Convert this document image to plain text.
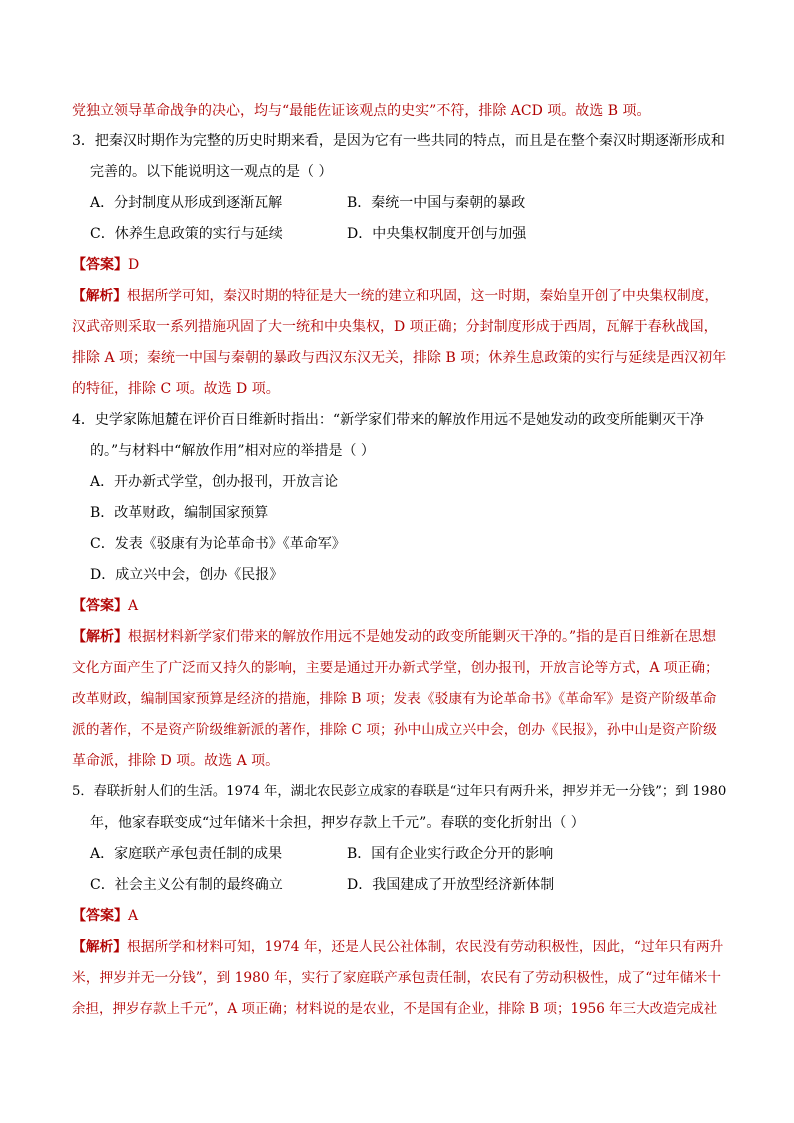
党独立领导革命战争的决心，均与“最能佐证该观点的史实”不符，排除 ACD 项。故选 B 项。
3．把秦汉时期作为完整的历史时期来看，是因为它有一些共同的特点，而且是在整个秦汉时期逐渐形成和
完善的。以下能说明这一观点的是（ ）
A．分封制度从形成到逐渐瓦解	B．秦统一中国与秦朝的暴政
C．休养生息政策的实行与延续	D．中央集权制度开创与加强
【答案】D
【解析】根据所学可知，秦汉时期的特征是大一统的建立和巩固，这一时期，秦始皇开创了中央集权制度，
汉武帝则采取一系列措施巩固了大一统和中央集权，D 项正确；分封制度形成于西周，瓦解于春秋战国，
排除 A 项；秦统一中国与秦朝的暴政与西汉东汉无关，排除 B 项；休养生息政策的实行与延续是西汉初年
的特征，排除 C 项。故选 D 项。
4．史学家陈旭麓在评价百日维新时指出：“新学家们带来的解放作用远不是她发动的政变所能剿灭干净
的。”与材料中“解放作用”相对应的举措是（ ）
A．开办新式学堂，创办报刊，开放言论
B．改革财政，编制国家预算
C．发表《驳康有为论革命书》《革命军》
D．成立兴中会，创办《民报》
【答案】A
【解析】根据材料新学家们带来的解放作用远不是她发动的政变所能剿灭干净的。”指的是百日维新在思想
文化方面产生了广泛而又持久的影响，主要是通过开办新式学堂，创办报刊，开放言论等方式，A 项正确；
改革财政，编制国家预算是经济的措施，排除 B 项；发表《驳康有为论革命书》《革命军》是资产阶级革命
派的著作，不是资产阶级维新派的著作，排除 C 项；孙中山成立兴中会，创办《民报》，孙中山是资产阶级
革命派，排除 D 项。故选 A 项。
5．春联折射人们的生活。1974 年，湖北农民彭立成家的春联是“过年只有两升米，押岁并无一分钱”；到 1980
年，他家春联变成“过年储米十余担，押岁存款上千元”。春联的变化折射出（ ）
A．家庭联产承包责任制的成果	B．国有企业实行政企分开的影响
C．社会主义公有制的最终确立	D．我国建成了开放型经济新体制
【答案】A
【解析】根据所学和材料可知，1974 年，还是人民公社体制，农民没有劳动积极性，因此，“过年只有两升
米，押岁并无一分钱”，到 1980 年，实行了家庭联产承包责任制，农民有了劳动积极性，成了“过年储米十
余担，押岁存款上千元”，A 项正确；材料说的是农业，不是国有企业，排除 B 项；1956 年三大改造完成社
